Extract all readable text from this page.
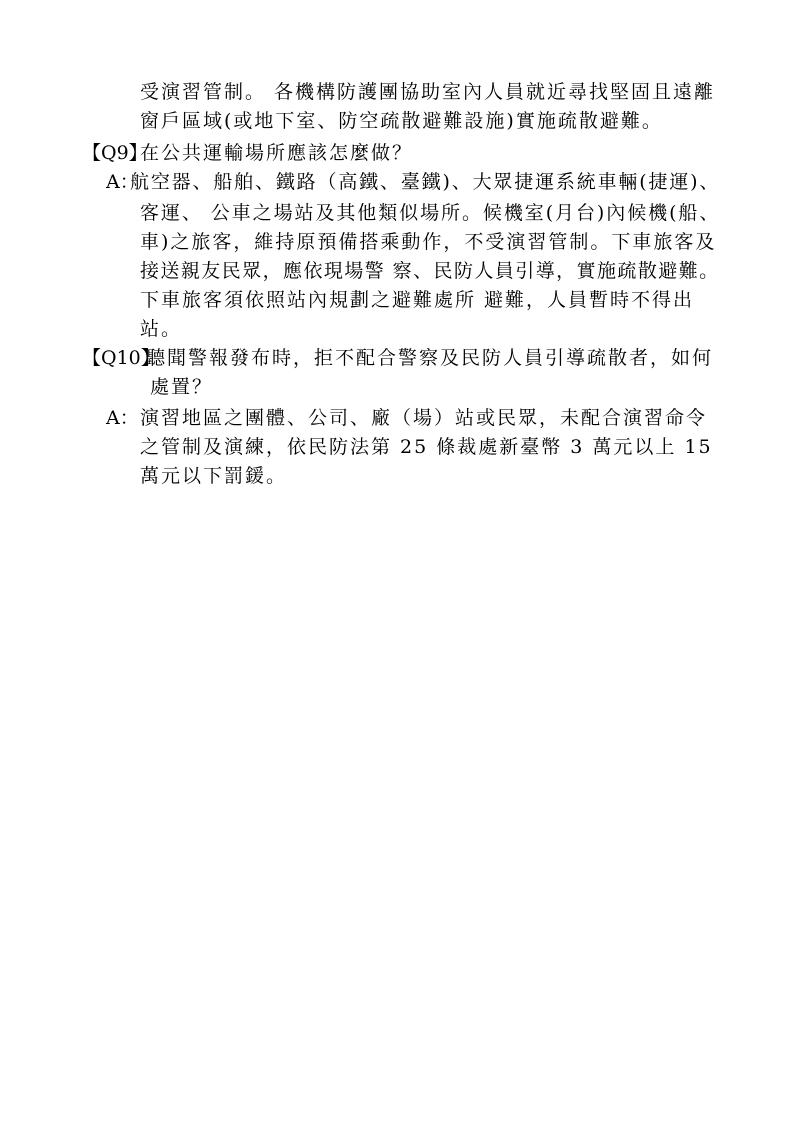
受演習管制。 各機構防護團協助室內人員就近尋找堅固且遠離
窗戶區域(或地下室、防空疏散避難設施)實施疏散避難。
【Q9】
在公共運輸場所應該怎麼做？
A：
航空器、船舶、鐵路（高鐵、臺鐵)、大眾捷運系統車輛(捷運)、
客運、 公車之場站及其他類似場所。候機室(月台)內候機(船、
車)之旅客，維持原預備搭乘動作，不受演習管制。下車旅客及
接送親友民眾，應依現場警 察、民防人員引導，實施疏散避難。
下車旅客須依照站內規劃之避難處所 避難，人員暫時不得出
站。
【Q10】
聽聞警報發布時，拒不配合警察及民防人員引導疏散者，如何
處置？
A： 演習地區之團體、公司、廠（場）站或民眾，未配合演習命令
之管制及演練，依民防法第 25 條裁處新臺幣 3 萬元以上 15
萬元以下罰鍰。
